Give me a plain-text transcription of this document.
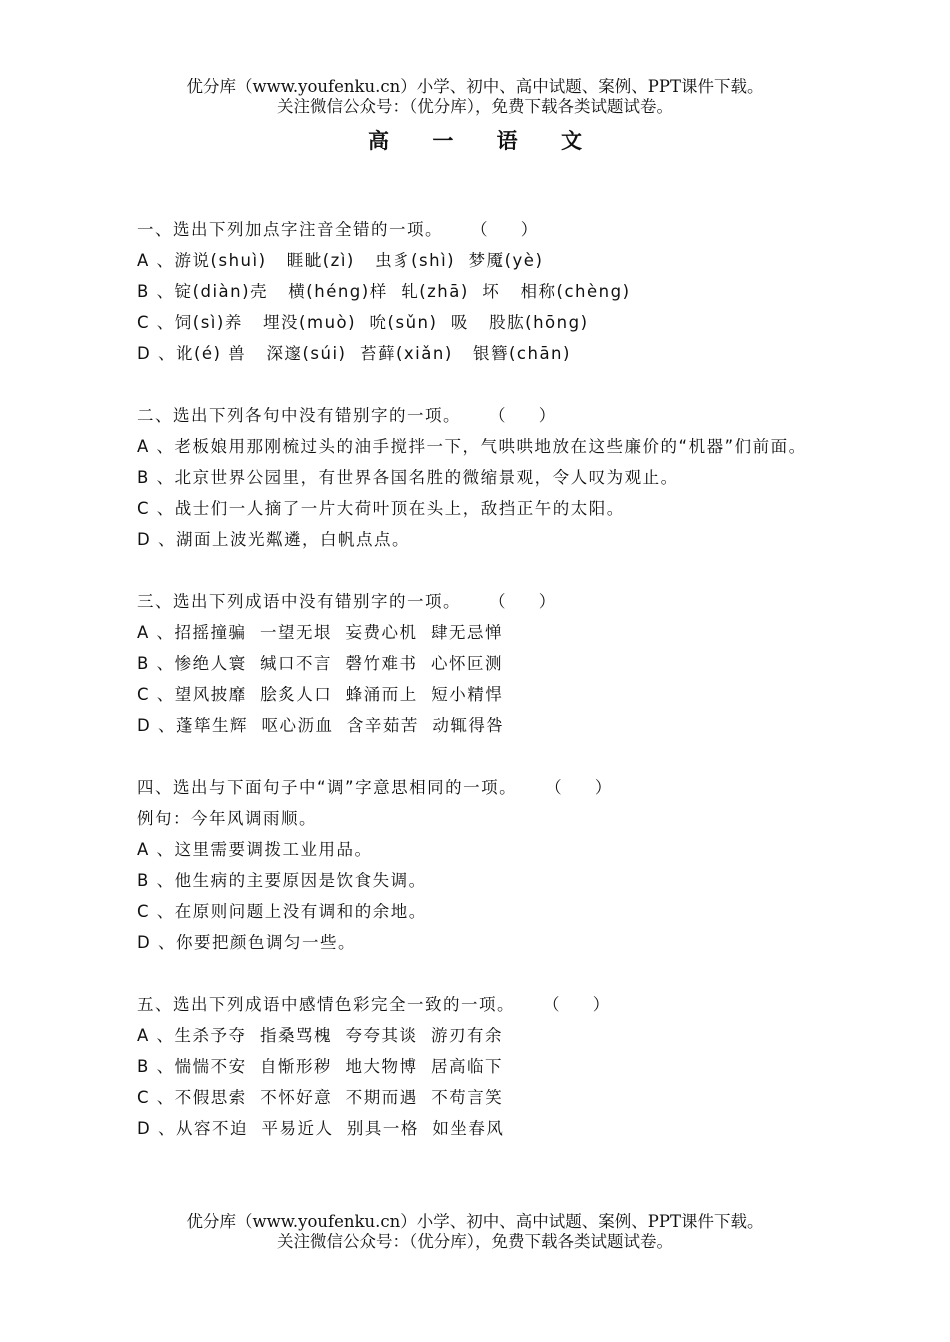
优分库（www.youfenku.cn）小学、初中、高中试题、案例、PPT课件下载。
关注微信公众号：（优分库），免费下载各类试题试卷。
高 一 语 文
一、选出下列加点字注音全错的一项。 （ ）
A 、游说(shuì)   睚眦(zì)   虫豸(shì)  梦魇(yè)
B 、锭(diàn)壳   横(héng)样  轧(zhā)  坏   相称(chèng)
C 、饲(sì)养   埋没(muò)  吮(sǔn)  吸   股肱(hōng)
D 、讹(é) 兽   深邃(súi)  苔藓(xiǎn)   银簪(chān)
二、选出下列各句中没有错别字的一项。 （ ）
A 、老板娘用那刚梳过头的油手搅拌一下，气哄哄地放在这些廉价的“机器”们前面。
B 、北京世界公园里，有世界各国名胜的微缩景观，令人叹为观止。
C 、战士们一人摘了一片大荷叶顶在头上，敌挡正午的太阳。
D 、湖面上波光粼遴，白帆点点。
三、选出下列成语中没有错别字的一项。 （ ）
A 、招摇撞骗  一望无垠  妄费心机  肆无忌惮
B 、惨绝人寰  缄口不言  磬竹难书  心怀叵测
C 、望风披靡  脍炙人口  蜂涌而上  短小精悍
D 、蓬筚生辉  呕心沥血  含辛茹苦  动辄得咎
四、选出与下面句子中“调”字意思相同的一项。 （ ）
例句：今年风调雨顺。
A 、这里需要调拨工业用品。
B 、他生病的主要原因是饮食失调。
C 、在原则问题上没有调和的余地。
D 、你要把颜色调匀一些。
五、选出下列成语中感情色彩完全一致的一项。 （ ）
A 、生杀予夺  指桑骂槐  夸夸其谈  游刃有余
B 、惴惴不安  自惭形秽  地大物博  居高临下
C 、不假思索  不怀好意  不期而遇  不苟言笑
D 、从容不迫  平易近人  别具一格  如坐春风
优分库（www.youfenku.cn）小学、初中、高中试题、案例、PPT课件下载。
关注微信公众号：（优分库），免费下载各类试题试卷。
